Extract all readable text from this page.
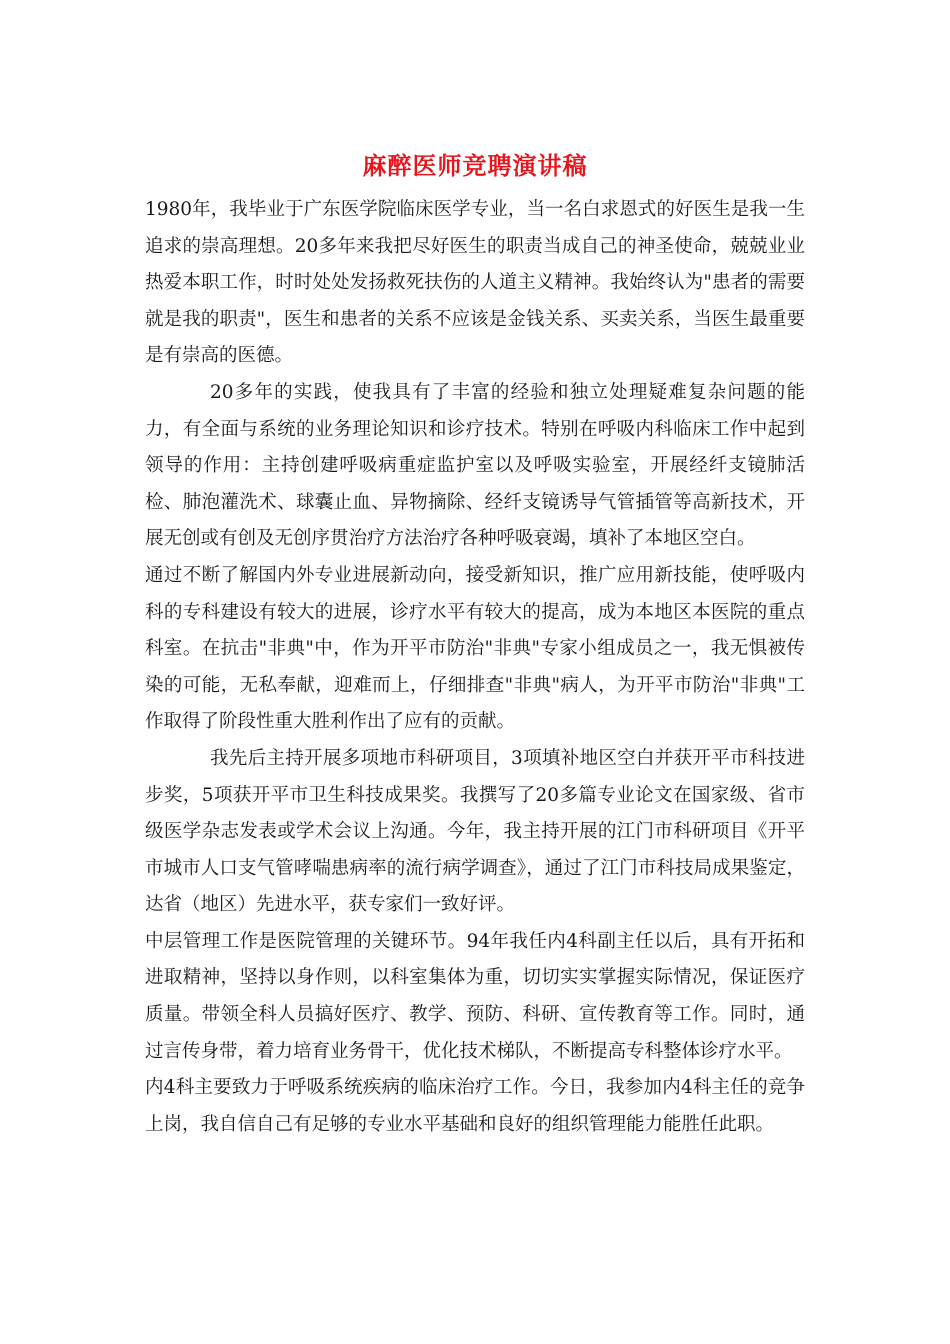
麻醉医师竞聘演讲稿

1980年，我毕业于广东医学院临床医学专业，当一名白求恩式的好医生是我一生追求的崇高理想。20多年来我把尽好医生的职责当成自己的神圣使命，兢兢业业热爱本职工作，时时处处发扬救死扶伤的人道主义精神。我始终认为"患者的需要就是我的职责"，医生和患者的关系不应该是金钱关系、买卖关系，当医生最重要是有崇高的医德。

20多年的实践，使我具有了丰富的经验和独立处理疑难复杂问题的能力，有全面与系统的业务理论知识和诊疗技术。特别在呼吸内科临床工作中起到领导的作用：主持创建呼吸病重症监护室以及呼吸实验室，开展经纤支镜肺活检、肺泡灌洗术、球囊止血、异物摘除、经纤支镜诱导气管插管等高新技术，开展无创或有创及无创序贯治疗方法治疗各种呼吸衰竭，填补了本地区空白。

通过不断了解国内外专业进展新动向，接受新知识，推广应用新技能，使呼吸内科的专科建设有较大的进展，诊疗水平有较大的提高，成为本地区本医院的重点科室。在抗击"非典"中，作为开平市防治"非典"专家小组成员之一，我无惧被传染的可能，无私奉献，迎难而上，仔细排查"非典"病人，为开平市防治"非典"工作取得了阶段性重大胜利作出了应有的贡献。

我先后主持开展多项地市科研项目，3项填补地区空白并获开平市科技进步奖，5项获开平市卫生科技成果奖。我撰写了20多篇专业论文在国家级、省市级医学杂志发表或学术会议上沟通。今年，我主持开展的江门市科研项目《开平市城市人口支气管哮喘患病率的流行病学调查》，通过了江门市科技局成果鉴定，达省（地区）先进水平，获专家们一致好评。

中层管理工作是医院管理的关键环节。94年我任内4科副主任以后，具有开拓和进取精神，坚持以身作则，以科室集体为重，切切实实掌握实际情况，保证医疗质量。带领全科人员搞好医疗、教学、预防、科研、宣传教育等工作。同时，通过言传身带，着力培育业务骨干，优化技术梯队，不断提高专科整体诊疗水平。

内4科主要致力于呼吸系统疾病的临床治疗工作。今日，我参加内4科主任的竞争上岗，我自信自己有足够的专业水平基础和良好的组织管理能力能胜任此职。
